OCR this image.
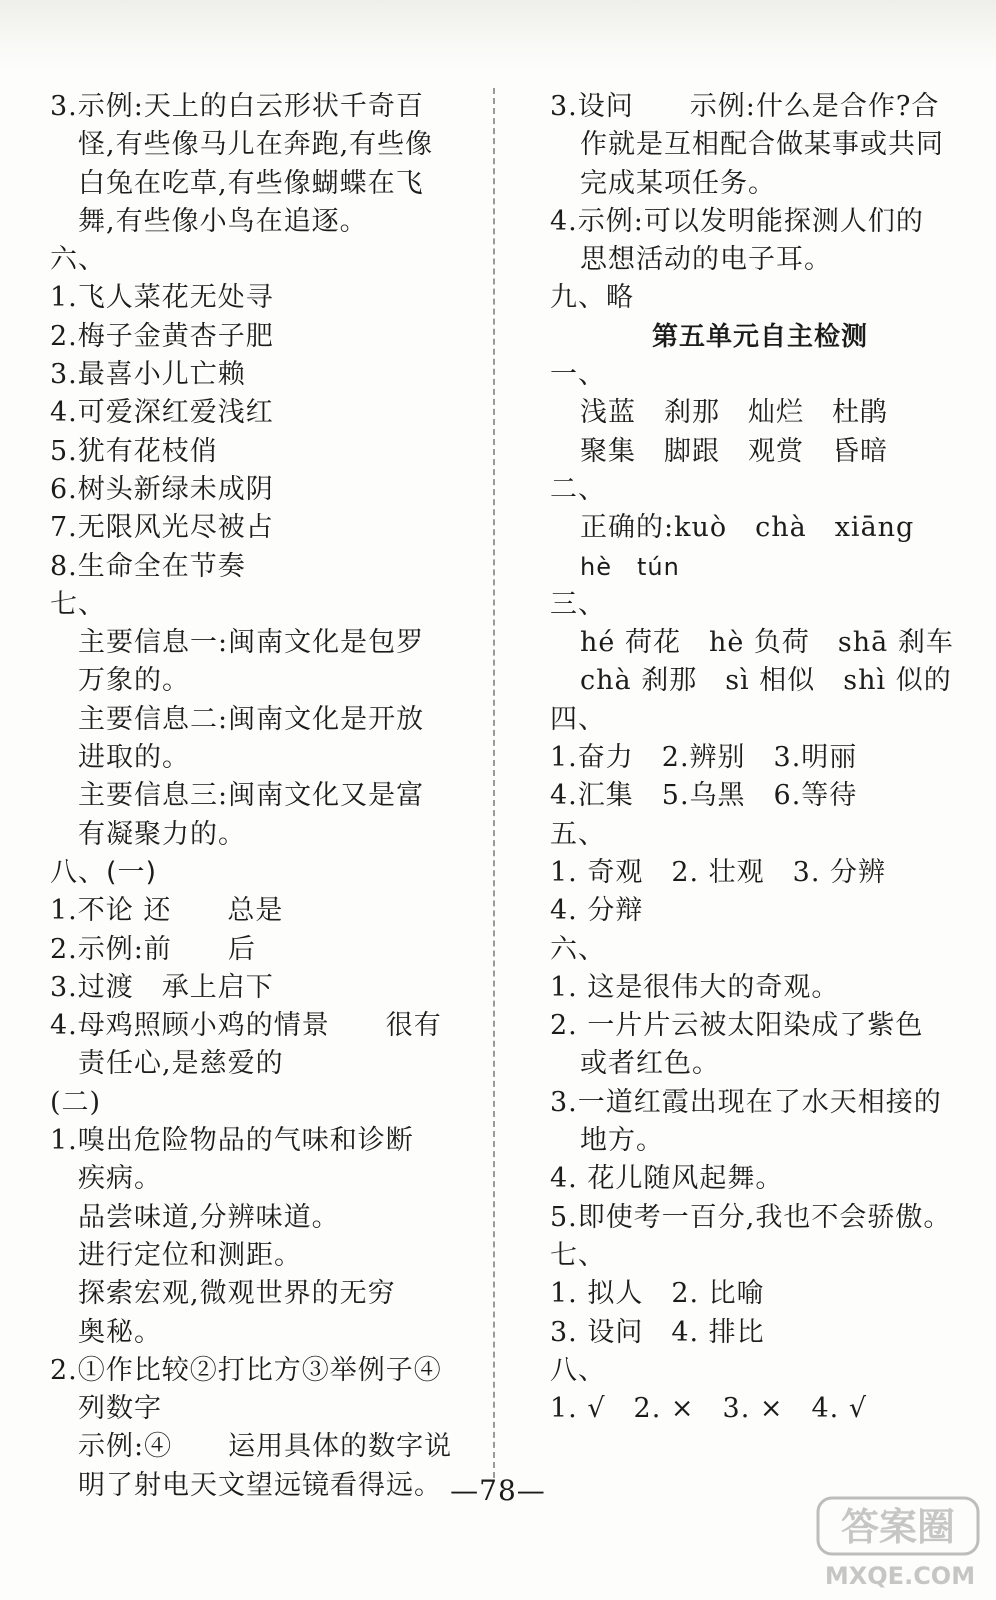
3.示例:天上的白云形状千奇百
怪,有些像马儿在奔跑,有些像
白兔在吃草,有些像蝴蝶在飞
舞,有些像小鸟在追逐。
六、
1.飞人菜花无处寻
2.梅子金黄杏子肥
3.最喜小儿亡赖
4.可爱深红爱浅红
5.犹有花枝俏
6.树头新绿未成阴
7.无限风光尽被占
8.生命全在节奏
七、
主要信息一:闽南文化是包罗
万象的。
主要信息二:闽南文化是开放
进取的。
主要信息三:闽南文化又是富
有凝聚力的。
八、(一)
1.不论 还　　总是
2.示例:前　　后
3.过渡　承上启下
4.母鸡照顾小鸡的情景　　很有
责任心,是慈爱的
(二)
1.嗅出危险物品的气味和诊断
疾病。
品尝味道,分辨味道。
进行定位和测距。
探索宏观,微观世界的无穷
奥秘。
2.①作比较②打比方③举例子④
列数字
示例:④　　运用具体的数字说
明了射电天文望远镜看得远。
3.设问　　示例:什么是合作?合
作就是互相配合做某事或共同
完成某项任务。
4.示例:可以发明能探测人们的
思想活动的电子耳。
九、略
第五单元自主检测
一、
浅蓝　刹那　灿烂　杜鹃
聚集　脚跟　观赏　昏暗
二、
正确的:kuò　chà　xiāng
hè　tún
三、
hé 荷花　hè 负荷　shā 刹车
chà 刹那　sì 相似　shì 似的
四、
1.奋力　2.辨别　3.明丽
4.汇集　5.乌黑　6.等待
五、
1. 奇观　2. 壮观　3. 分辨
4. 分辩
六、
1. 这是很伟大的奇观。
2. 一片片云被太阳染成了紫色
或者红色。
3.一道红霞出现在了水天相接的
地方。
4. 花儿随风起舞。
5.即使考一百分,我也不会骄傲。
七、
1. 拟人　2. 比喻
3. 设问　4. 排比
八、
1. √　2. ×　3. ×　4. √
—78—
答案圈
MXQE.COM
